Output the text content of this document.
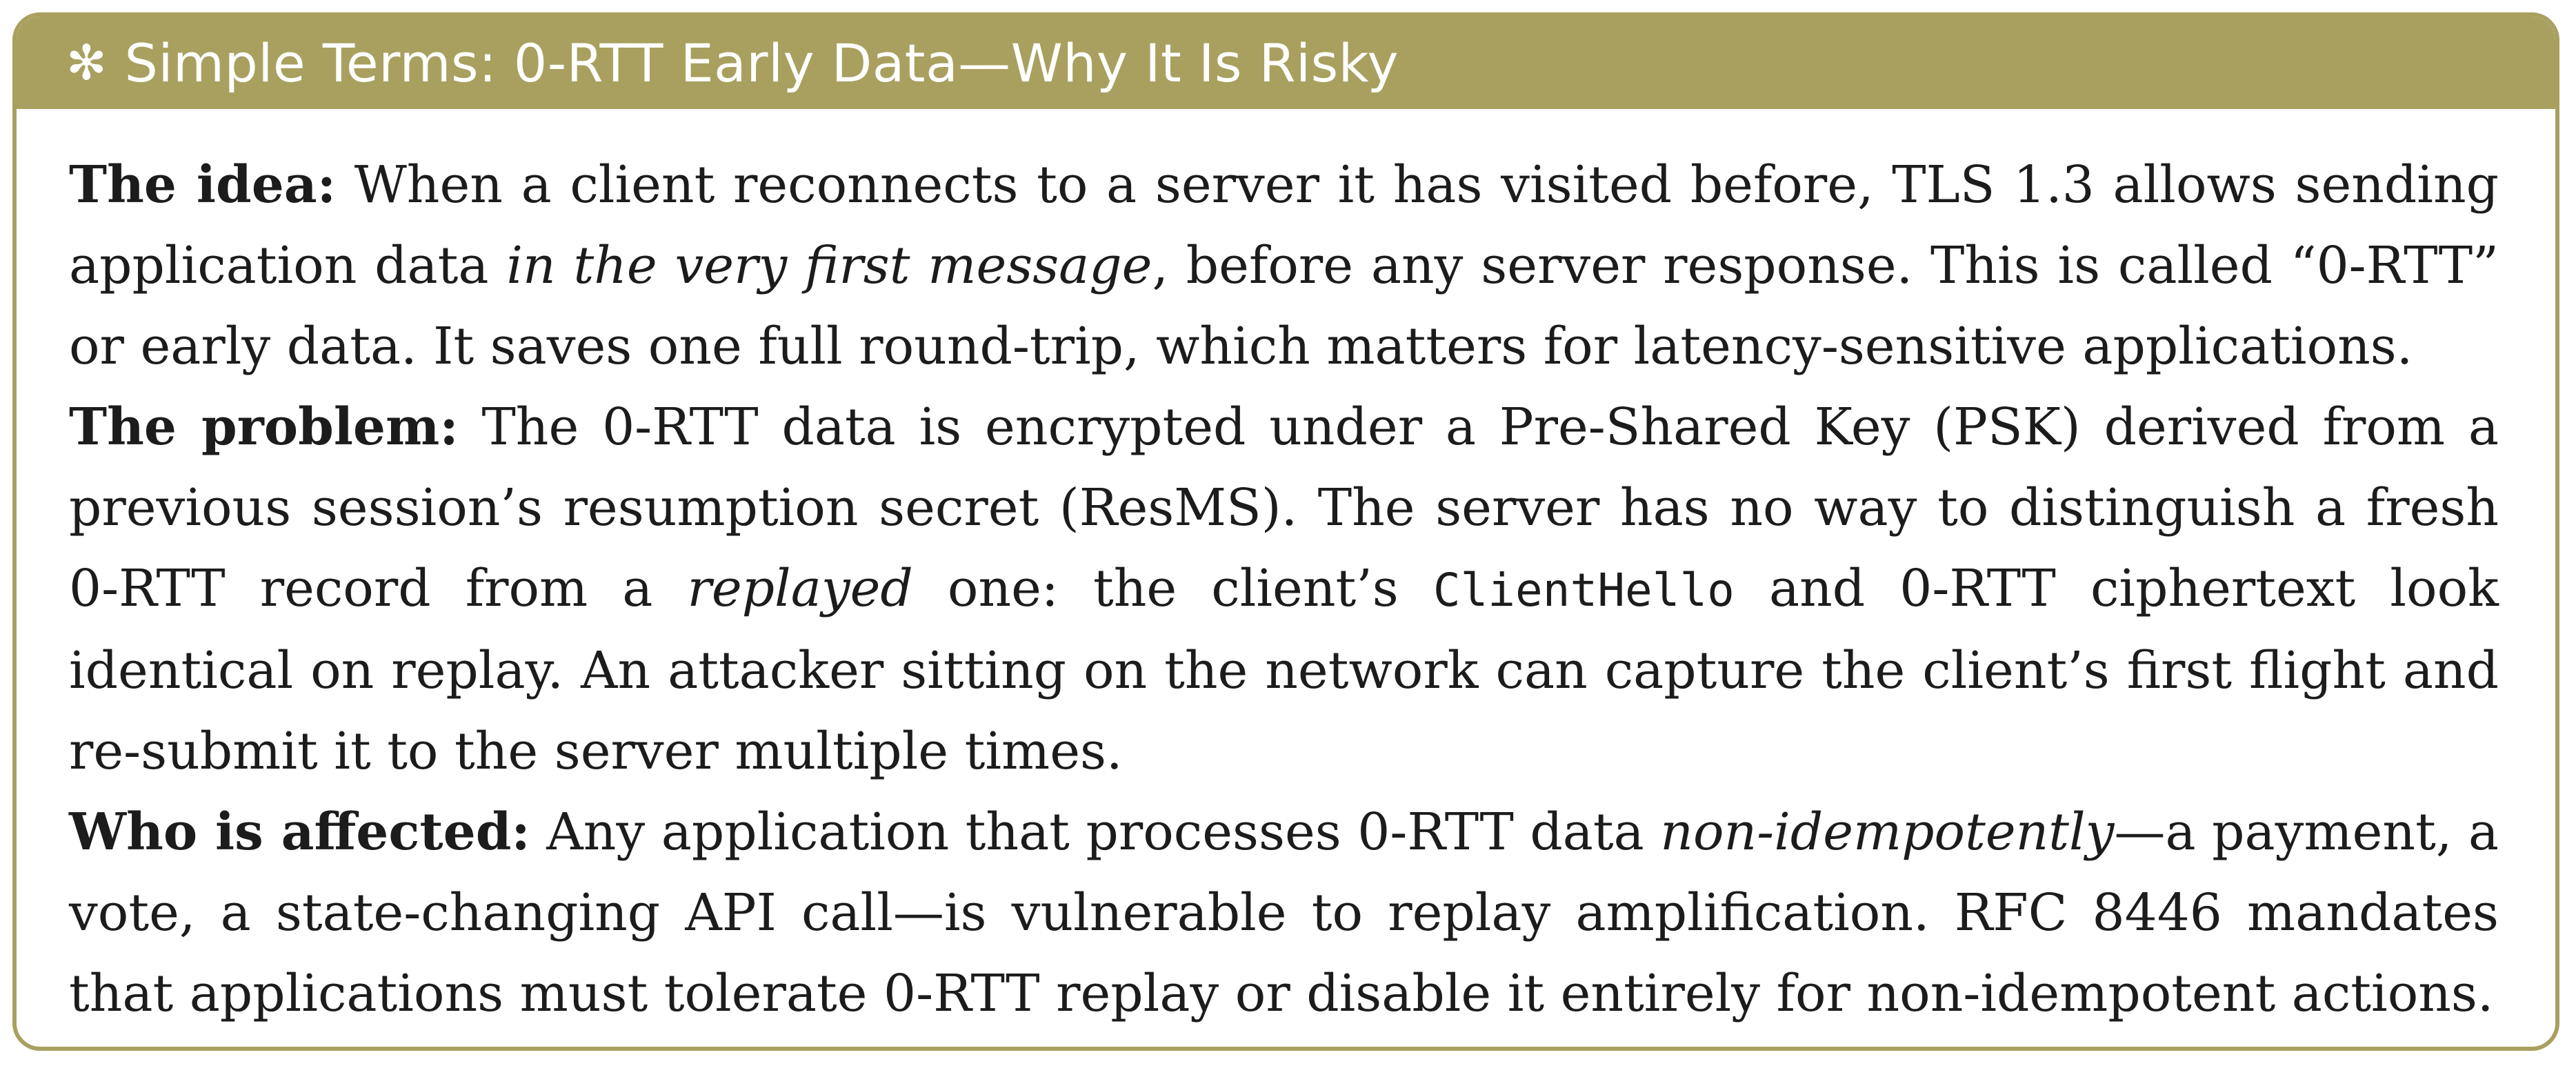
✻ Simple Terms: 0-RTT Early Data—Why It Is Risky

The idea: When a client reconnects to a server it has visited before, TLS 1.3 allows sending application data in the very first message, before any server response. This is called “0-RTT” or early data. It saves one full round-trip, which matters for latency-sensitive applications.

The problem: The 0-RTT data is encrypted under a Pre-Shared Key (PSK) derived from a previous session’s resumption secret (ResMS). The server has no way to distinguish a fresh 0-RTT record from a replayed one: the client’s ClientHello and 0-RTT ciphertext look identical on replay. An attacker sitting on the network can capture the client’s first flight and re-submit it to the server multiple times.

Who is affected: Any application that processes 0-RTT data non-idempotently—a payment, a vote, a state-changing API call—is vulnerable to replay amplification. RFC 8446 mandates that applications must tolerate 0-RTT replay or disable it entirely for non-idempotent actions.
